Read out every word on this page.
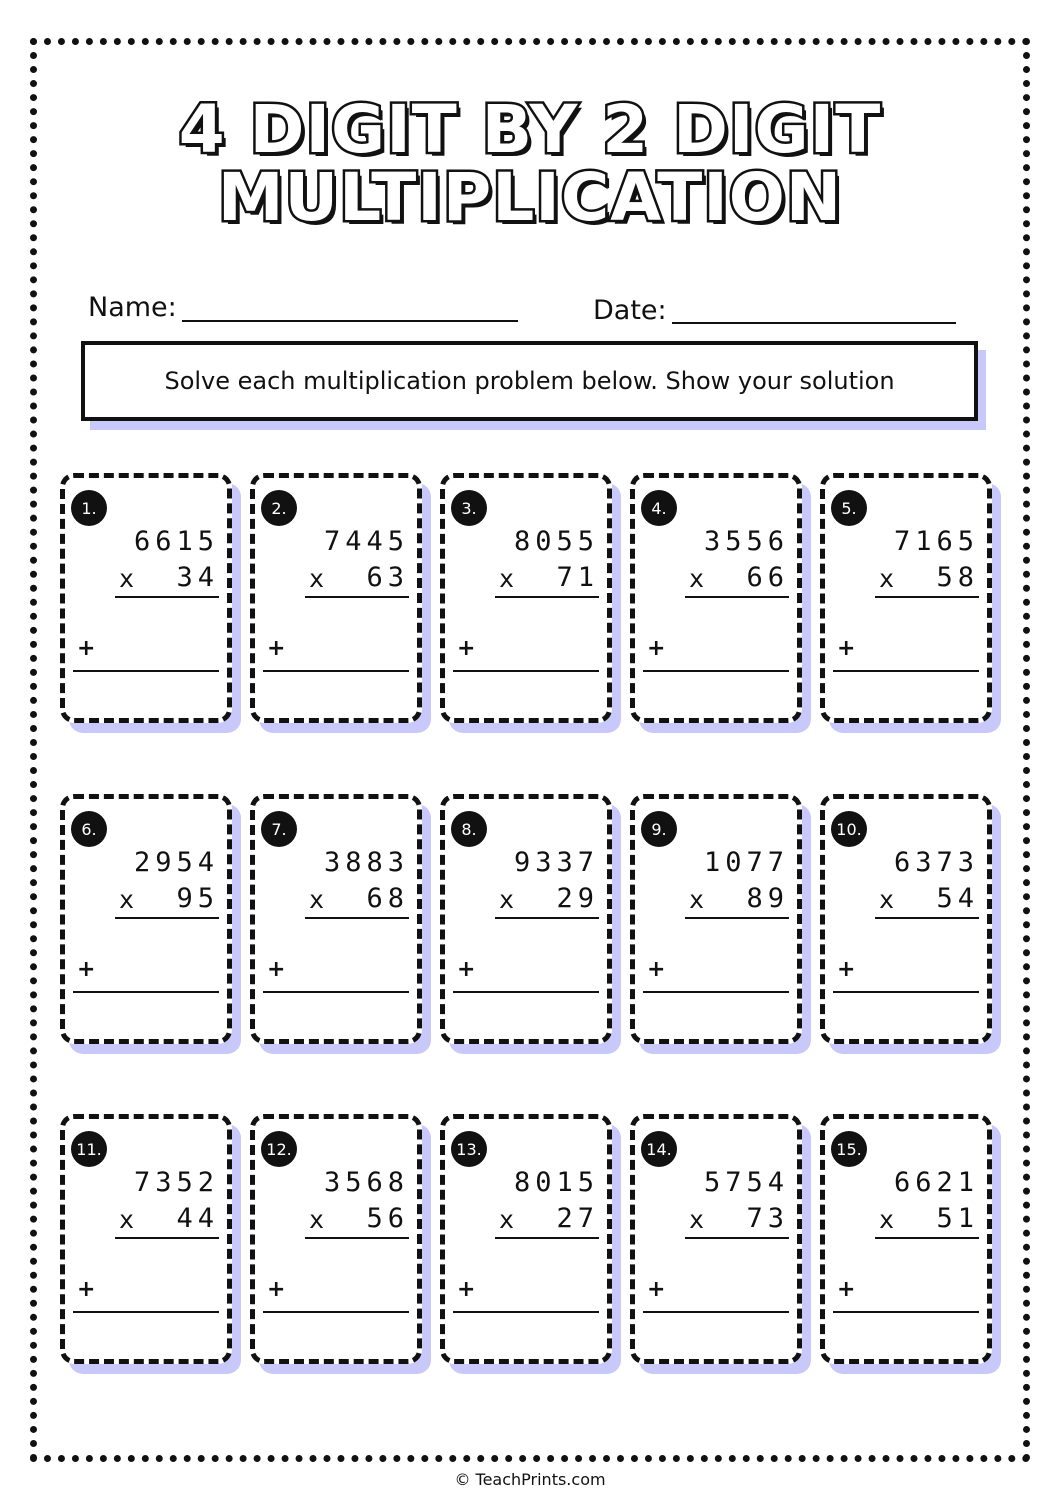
4 DIGIT BY 2 DIGIT
MULTIPLICATION
Name:	Date:
Solve each multiplication problem below. Show your solution
1.
6615
x 34
+
2.
7445
x 63
+
3.
8055
x 71
+
4.
3556
x 66
+
5.
7165
x 58
+
6.
2954
x 95
+
7.
3883
x 68
+
8.
9337
x 29
+
9.
1077
x 89
+
10.
6373
x 54
+
11.
7352
x 44
+
12.
3568
x 56
+
13.
8015
x 27
+
14.
5754
x 73
+
15.
6621
x 51
+
© TeachPrints.com
